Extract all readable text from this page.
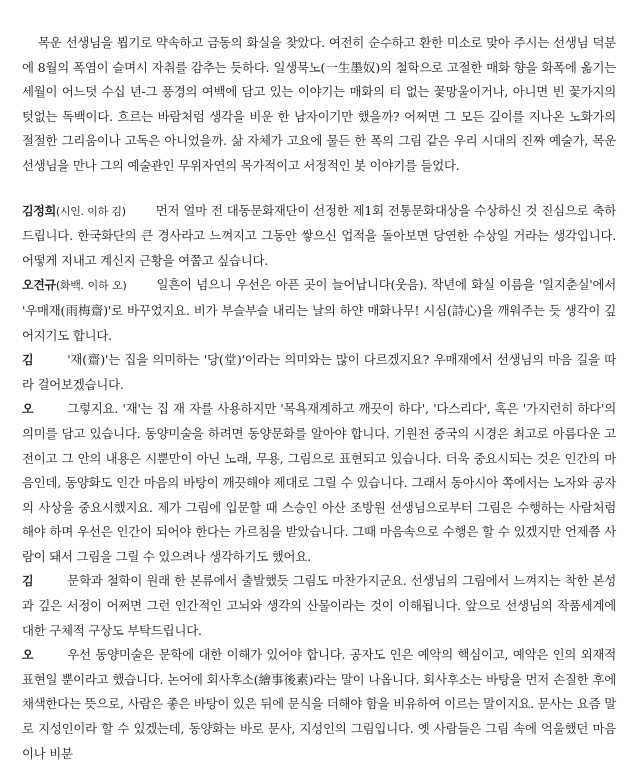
목운 선생님을 뵙기로 약속하고 금동의 화실을 찾았다. 여전히 순수하고 환한 미소로 맞아 주시는 선생님 덕분에 8월의 폭염이 슬며시 자취를 감추는 듯하다. 일생묵노(一生墨奴)의 철학으로 고절한 매화 향을 화폭에 옮기는 세월이 어느덧 수십 년-그 풍경의 여백에 담고 있는 이야기는 매화의 티 없는 꽃망울이거나, 아니면 빈 꽃가지의 텃없는 독백이다. 흐르는 바람처럼 생각을 비운 한 남자이기만 했을까? 어쩌면 그 모든 깊이를 지나온 노화가의 절절한 그리움이나 고독은 아니었을까. 삶 자체가 고요에 물든 한 폭의 그림 같은 우리 시대의 진짜 예술가, 목운 선생님을 만나 그의 예술관인 무위자연의 목가적이고 서정적인 봇 이야기를 들었다.

김정희(시인. 이하 김) 먼저 얼마 전 대동문화재단이 선정한 제1회 전통문화대상을 수상하신 것 진심으로 축하드립니다. 한국화단의 큰 경사라고 느껴지고 그동안 쌓으신 업적을 돌아보면 당연한 수상일 거라는 생각입니다. 어떻게 지내고 계신지 근황을 여쭙고 싶습니다.

오견규(화백. 이하 오) 일흔이 넘으니 우선은 아픈 곳이 늘어납니다(웃음). 작년에 화실 이름을 '일지춘실'에서 '우매재(雨梅齋)'로 바꾸었지요. 비가 부슬부슬 내리는 날의 하얀 매화나무! 시심(詩心)을 깨워주는 듯 생각이 깊어지기도 합니다.

김	'재(齋)'는 집을 의미하는 '당(堂)'이라는 의미와는 많이 다르겠지요? 우매재에서 선생님의 마음 길을 따라 걸어보겠습니다.

오	그렇지요. '재'는 집 재 자를 사용하지만 '목욕재계하고 깨끗이 하다', '다스리다', 혹은 '가지런히 하다'의 의미를 담고 있습니다. 동양미술을 하려면 동양문화를 알아야 합니다. 기원전 중국의 시경은 최고로 아름다운 고전이고 그 안의 내용은 시뿐만이 아닌 노래, 무용, 그림으로 표현되고 있습니다. 더욱 중요시되는 것은 인간의 마음인데, 동양화도 인간 마음의 바탕이 깨끗해야 제대로 그릴 수 있습니다. 그래서 동아시아 쪽에서는 노자와 공자의 사상을 중요시했지요. 제가 그림에 입문할 때 스승인 아산 조방원 선생님으로부터 그림은 수행하는 사람처럼 해야 하며 우선은 인간이 되어야 한다는 가르침을 받았습니다. 그때 마음속으로 수행은 할 수 있겠지만 언제쯤 사람이 돼서 그림을 그릴 수 있으려나 생각하기도 했어요.

김	문학과 철학이 원래 한 본류에서 출발했듯 그림도 마찬가지군요. 선생님의 그림에서 느껴지는 착한 본성과 깊은 서정이 어쩌면 그런 인간적인 고뇌와 생각의 산물이라는 것이 이해됩니다. 앞으로 선생님의 작품세계에 대한 구체적 구상도 부탁드립니다.

오	우선 동양미술은 문학에 대한 이해가 있어야 합니다. 공자도 인은 예악의 핵심이고, 예악은 인의 외재적 표현일 뿐이라고 했습니다. 논어에 회사후소(繪事後素)라는 말이 나옵니다. 회사후소는 바탕을 먼저 손질한 후에 채색한다는 뜻으로, 사람은 좋은 바탕이 있은 뒤에 문식을 더해야 함을 비유하여 이르는 말이지요. 문사는 요즘 말로 지성인이라 할 수 있겠는데, 동양화는 바로 문사, 지성인의 그림입니다. 옛 사람들은 그림 속에 억울했던 마음이나 비분
